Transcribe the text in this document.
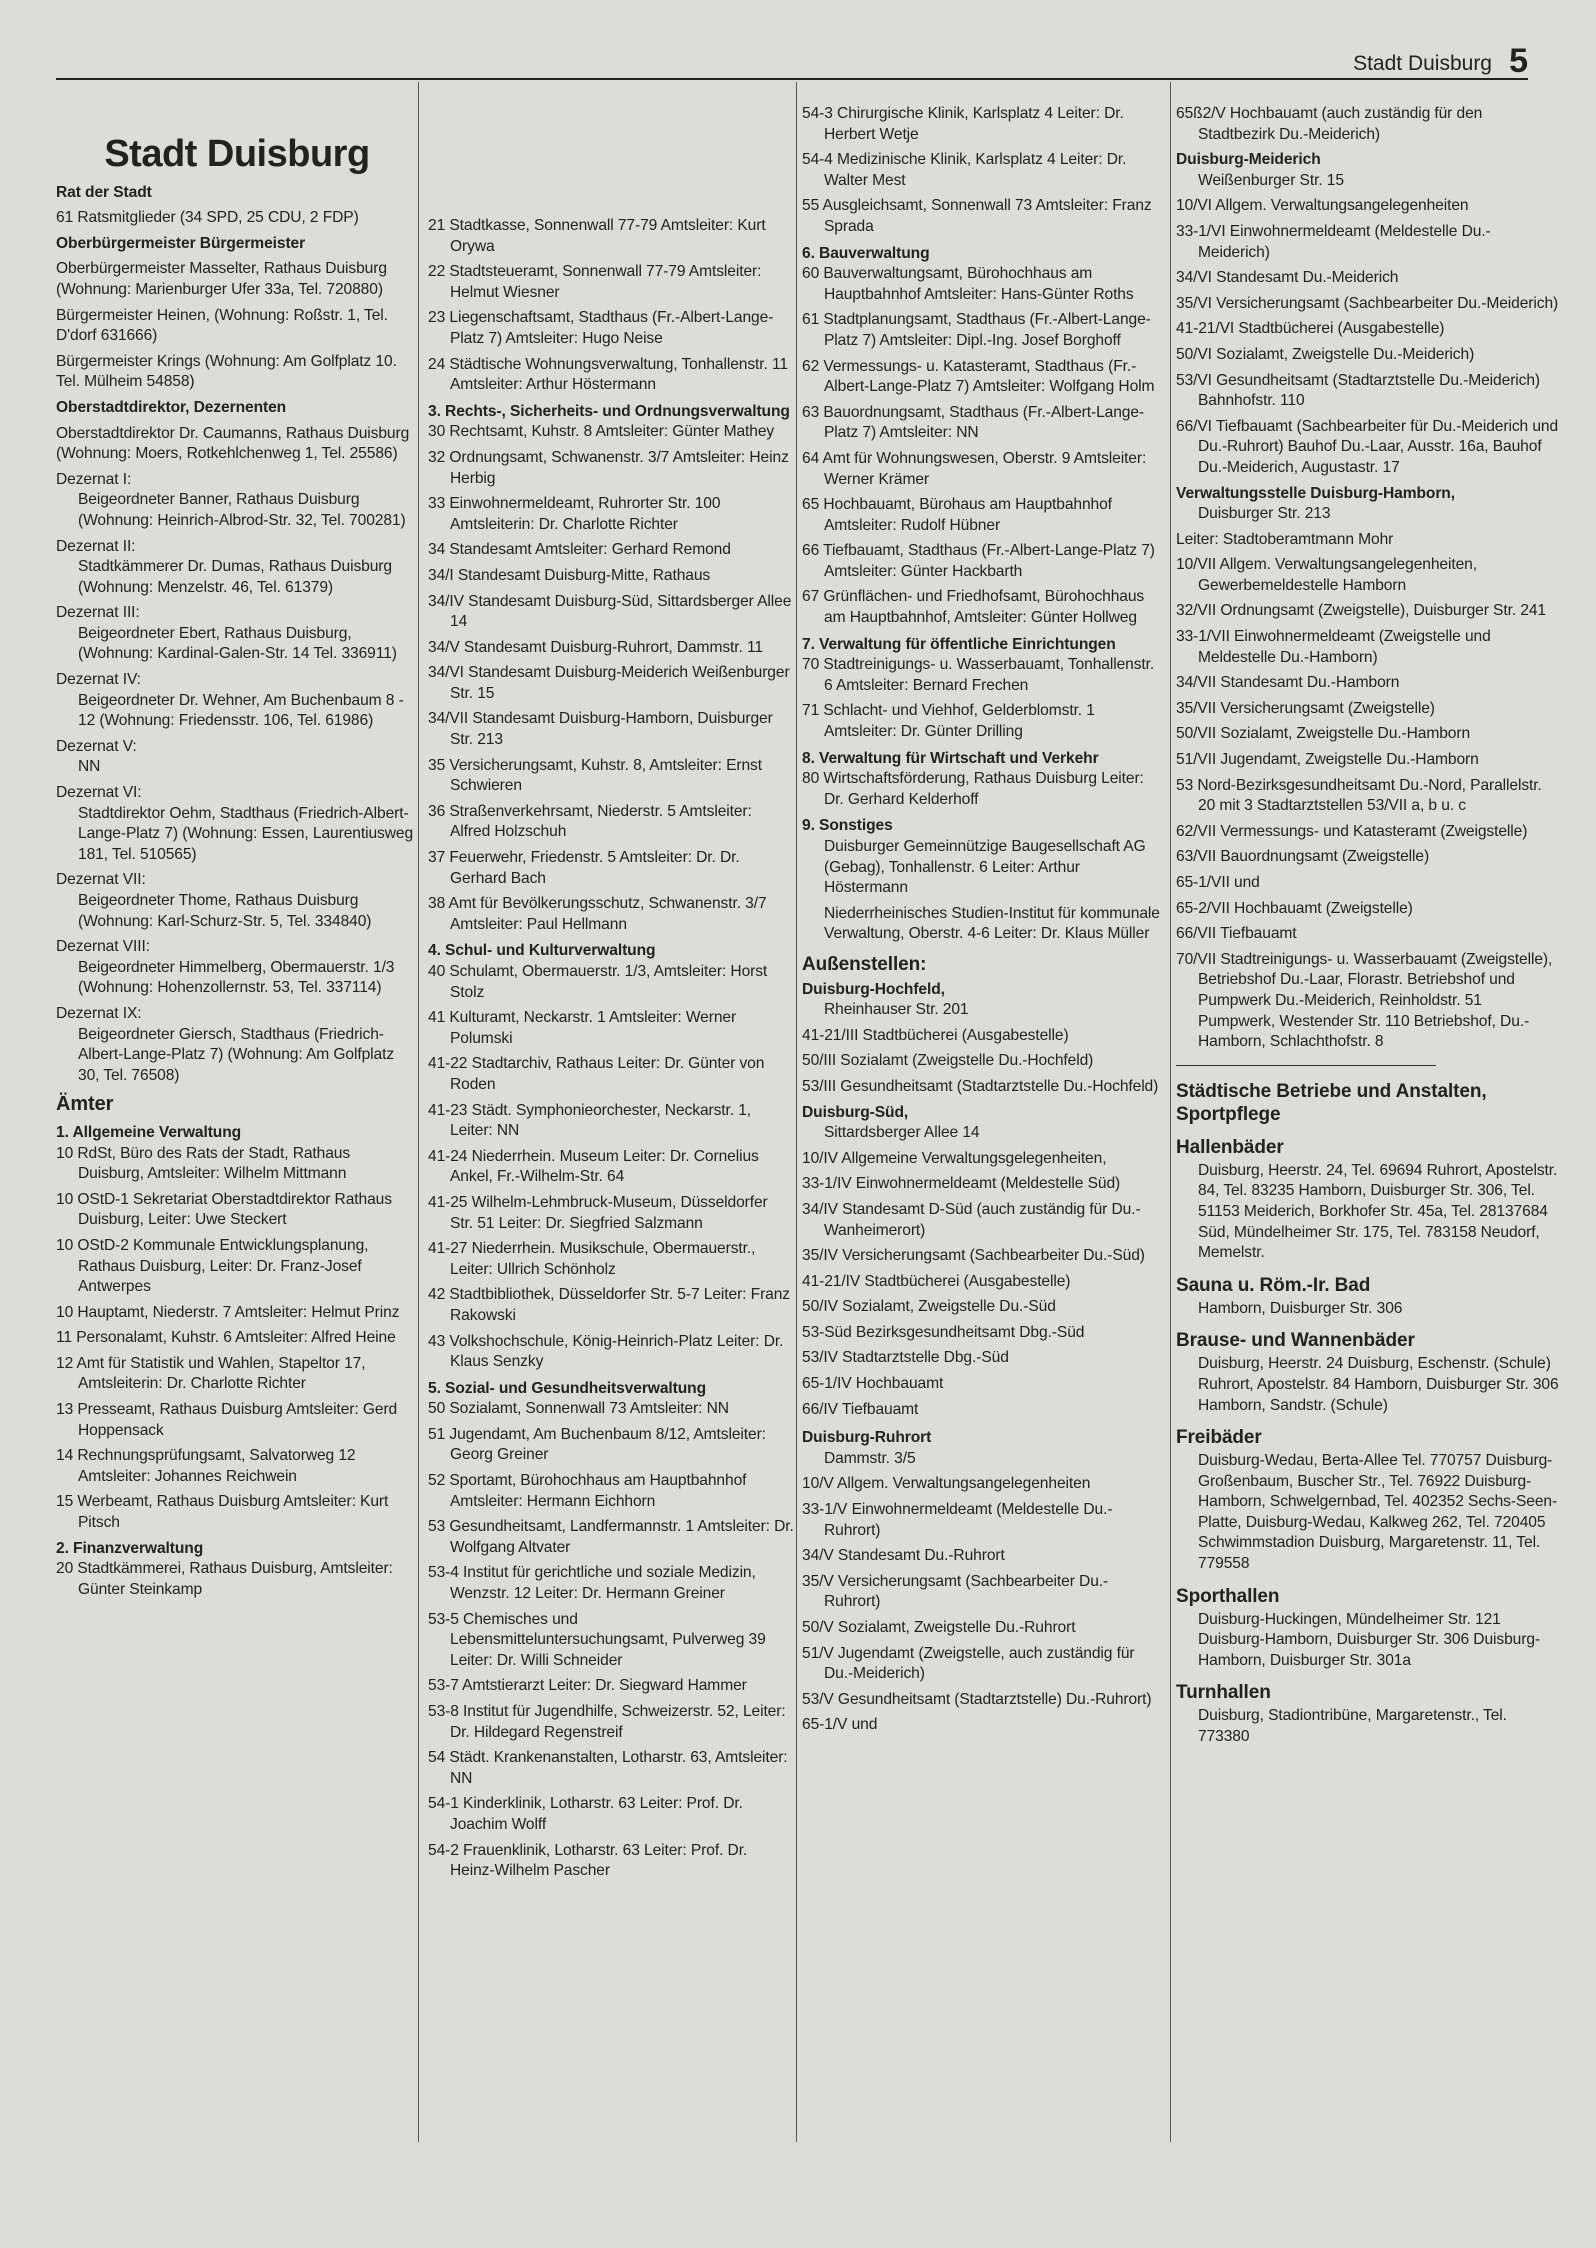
Stadt Duisburg 5
Stadt Duisburg
Rat der Stadt
61 Ratsmitglieder (34 SPD, 25 CDU, 2 FDP)
Oberbürgermeister Bürgermeister
Oberbürgermeister Masselter, Rathaus Duisburg (Wohnung: Marienburger Ufer 33a, Tel. 720880)
Bürgermeister Heinen, (Wohnung: Roßstr. 1, Tel. D'dorf 631666)
Bürgermeister Krings (Wohnung: Am Golfplatz 10. Tel. Mülheim 54858)
Oberstadtdirektor, Dezernenten
Oberstadtdirektor Dr. Caumanns, Rathaus Duisburg (Wohnung: Moers, Rotkehlchenweg 1, Tel. 25586)
Dezernat I:
Beigeordneter Banner, Rathaus Duisburg (Wohnung: Heinrich-Albrod-Str. 32, Tel. 700281)
Dezernat II:
Stadtkämmerer Dr. Dumas, Rathaus Duisburg (Wohnung: Menzelstr. 46, Tel. 61379)
Dezernat III:
Beigeordneter Ebert, Rathaus Duisburg, (Wohnung: Kardinal-Galen-Str. 14 Tel. 336911)
Dezernat IV:
Beigeordneter Dr. Wehner, Am Buchenbaum 8 - 12 (Wohnung: Friedensstr. 106, Tel. 61986)
Dezernat V:
NN
Dezernat VI:
Stadtdirektor Oehm, Stadthaus (Friedrich-Albert-Lange-Platz 7) (Wohnung: Essen, Laurentiusweg 181, Tel. 510565)
Dezernat VII:
Beigeordneter Thome, Rathaus Duisburg (Wohnung: Karl-Schurz-Str. 5, Tel. 334840)
Dezernat VIII:
Beigeordneter Himmelberg, Obermauerstr. 1/3 (Wohnung: Hohenzollernstr. 53, Tel. 337114)
Dezernat IX:
Beigeordneter Giersch, Stadthaus (Friedrich-Albert-Lange-Platz 7) (Wohnung: Am Golfplatz 30, Tel. 76508)
Ämter
1. Allgemeine Verwaltung
10 RdSt, Büro des Rats der Stadt, Rathaus Duisburg, Amtsleiter: Wilhelm Mittmann
10 OStD-1 Sekretariat Oberstadtdirektor Rathaus Duisburg, Leiter: Uwe Steckert
10 OStD-2 Kommunale Entwicklungsplanung, Rathaus Duisburg, Leiter: Dr. Franz-Josef Antwerpes
10 Hauptamt, Niederstr. 7 Amtsleiter: Helmut Prinz
11 Personalamt, Kuhstr. 6 Amtsleiter: Alfred Heine
12 Amt für Statistik und Wahlen, Stapeltor 17, Amtsleiterin: Dr. Charlotte Richter
13 Presseamt, Rathaus Duisburg Amtsleiter: Gerd Hoppensack
14 Rechnungsprüfungsamt, Salvatorweg 12 Amtsleiter: Johannes Reichwein
15 Werbeamt, Rathaus Duisburg Amtsleiter: Kurt Pitsch
2. Finanzverwaltung
20 Stadtkämmerei, Rathaus Duisburg, Amtsleiter: Günter Steinkamp
21 Stadtkasse, Sonnenwall 77-79 Amtsleiter: Kurt Orywa
22 Stadtsteueramt, Sonnenwall 77-79 Amtsleiter: Helmut Wiesner
23 Liegenschaftsamt, Stadthaus (Fr.-Albert-Lange-Platz 7) Amtsleiter: Hugo Neise
24 Städtische Wohnungsverwaltung, Tonhallenstr. 11 Amtsleiter: Arthur Höstermann
3. Rechts-, Sicherheits- und Ordnungsverwaltung
30 Rechtsamt, Kuhstr. 8 Amtsleiter: Günter Mathey
32 Ordnungsamt, Schwanenstr. 3/7 Amtsleiter: Heinz Herbig
33 Einwohnermeldeamt, Ruhrorter Str. 100 Amtsleiterin: Dr. Charlotte Richter
34 Standesamt Amtsleiter: Gerhard Remond
34/I Standesamt Duisburg-Mitte, Rathaus
34/IV Standesamt Duisburg-Süd, Sittardsberger Allee 14
34/V Standesamt Duisburg-Ruhrort, Dammstr. 11
34/VI Standesamt Duisburg-Meiderich Weißenburger Str. 15
34/VII Standesamt Duisburg-Hamborn, Duisburger Str. 213
35 Versicherungsamt, Kuhstr. 8, Amtsleiter: Ernst Schwieren
36 Straßenverkehrsamt, Niederstr. 5 Amtsleiter: Alfred Holzschuh
37 Feuerwehr, Friedenstr. 5 Amtsleiter: Dr. Dr. Gerhard Bach
38 Amt für Bevölkerungsschutz, Schwanenstr. 3/7 Amtsleiter: Paul Hellmann
4. Schul- und Kulturverwaltung
40 Schulamt, Obermauerstr. 1/3, Amtsleiter: Horst Stolz
41 Kulturamt, Neckarstr. 1 Amtsleiter: Werner Polumski
41-22 Stadtarchiv, Rathaus Leiter: Dr. Günter von Roden
41-23 Städt. Symphonieorchester, Neckarstr. 1, Leiter: NN
41-24 Niederrhein. Museum Leiter: Dr. Cornelius Ankel, Fr.-Wilhelm-Str. 64
41-25 Wilhelm-Lehmbruck-Museum, Düsseldorfer Str. 51 Leiter: Dr. Siegfried Salzmann
41-27 Niederrhein. Musikschule, Obermauerstr., Leiter: Ullrich Schönholz
42 Stadtbibliothek, Düsseldorfer Str. 5-7 Leiter: Franz Rakowski
43 Volkshochschule, König-Heinrich-Platz Leiter: Dr. Klaus Senzky
5. Sozial- und Gesundheitsverwaltung
50 Sozialamt, Sonnenwall 73 Amtsleiter: NN
51 Jugendamt, Am Buchenbaum 8/12, Amtsleiter: Georg Greiner
52 Sportamt, Bürohochhaus am Hauptbahnhof Amtsleiter: Hermann Eichhorn
53 Gesundheitsamt, Landfermannstr. 1 Amtsleiter: Dr. Wolfgang Altvater
53-4 Institut für gerichtliche und soziale Medizin, Wenzstr. 12 Leiter: Dr. Hermann Greiner
53-5 Chemisches und Lebensmitteluntersuchungsamt, Pulverweg 39 Leiter: Dr. Willi Schneider
53-7 Amtstierarzt Leiter: Dr. Siegward Hammer
53-8 Institut für Jugendhilfe, Schweizerstr. 52, Leiter: Dr. Hildegard Regenstreif
54 Städt. Krankenanstalten, Lotharstr. 63, Amtsleiter: NN
54-1 Kinderklinik, Lotharstr. 63 Leiter: Prof. Dr. Joachim Wolff
54-2 Frauenklinik, Lotharstr. 63 Leiter: Prof. Dr. Heinz-Wilhelm Pascher
54-3 Chirurgische Klinik, Karlsplatz 4 Leiter: Dr. Herbert Wetje
54-4 Medizinische Klinik, Karlsplatz 4 Leiter: Dr. Walter Mest
55 Ausgleichsamt, Sonnenwall 73 Amtsleiter: Franz Sprada
6. Bauverwaltung
60 Bauverwaltungsamt, Bürohochhaus am Hauptbahnhof Amtsleiter: Hans-Günter Roths
61 Stadtplanungsamt, Stadthaus (Fr.-Albert-Lange-Platz 7) Amtsleiter: Dipl.-Ing. Josef Borghoff
62 Vermessungs- u. Katasteramt, Stadthaus (Fr.-Albert-Lange-Platz 7) Amtsleiter: Wolfgang Holm
63 Bauordnungsamt, Stadthaus (Fr.-Albert-Lange-Platz 7) Amtsleiter: NN
64 Amt für Wohnungswesen, Oberstr. 9 Amtsleiter: Werner Krämer
65 Hochbauamt, Bürohaus am Hauptbahnhof Amtsleiter: Rudolf Hübner
66 Tiefbauamt, Stadthaus (Fr.-Albert-Lange-Platz 7) Amtsleiter: Günter Hackbarth
67 Grünflächen- und Friedhofsamt, Bürohochhaus am Hauptbahnhof, Amtsleiter: Günter Hollweg
7. Verwaltung für öffentliche Einrichtungen
70 Stadtreinigungs- u. Wasserbauamt, Tonhallenstr. 6 Amtsleiter: Bernard Frechen
71 Schlacht- und Viehhof, Gelderblomstr. 1 Amtsleiter: Dr. Günter Drilling
8. Verwaltung für Wirtschaft und Verkehr
80 Wirtschaftsförderung, Rathaus Duisburg Leiter: Dr. Gerhard Kelderhoff
9. Sonstiges
Duisburger Gemeinnützige Baugesellschaft AG (Gebag), Tonhallenstr. 6 Leiter: Arthur Höstermann
Niederrheinisches Studien-Institut für kommunale Verwaltung, Oberstr. 4-6 Leiter: Dr. Klaus Müller
Außenstellen:
Duisburg-Hochfeld,
Rheinhauser Str. 201
41-21/III Stadtbücherei (Ausgabestelle)
50/III Sozialamt (Zweigstelle Du.-Hochfeld)
53/III Gesundheitsamt (Stadtarztstelle Du.-Hochfeld)
Duisburg-Süd,
Sittardsberger Allee 14
10/IV Allgemeine Verwaltungsgelegenheiten,
33-1/IV Einwohnermeldeamt (Meldestelle Süd)
34/IV Standesamt D-Süd (auch zuständig für Du.-Wanheimerort)
35/IV Versicherungsamt (Sachbearbeiter Du.-Süd)
41-21/IV Stadtbücherei (Ausgabestelle)
50/IV Sozialamt, Zweigstelle Du.-Süd
53-Süd Bezirksgesundheitsamt Dbg.-Süd
53/IV Stadtarztstelle Dbg.-Süd
65-1/IV Hochbauamt
66/IV Tiefbauamt
Duisburg-Ruhrort
Dammstr. 3/5
10/V Allgem. Verwaltungsangelegenheiten
33-1/V Einwohnermeldeamt (Meldestelle Du.-Ruhrort)
34/V Standesamt Du.-Ruhrort
35/V Versicherungsamt (Sachbearbeiter Du.-Ruhrort)
50/V Sozialamt, Zweigstelle Du.-Ruhrort
51/V Jugendamt (Zweigstelle, auch zuständig für Du.-Meiderich)
53/V Gesundheitsamt (Stadtarztstelle) Du.-Ruhrort)
65-1/V und
65ß2/V Hochbauamt (auch zuständig für den Stadtbezirk Du.-Meiderich)
Duisburg-Meiderich
Weißenburger Str. 15
10/VI Allgem. Verwaltungsangelegenheiten
33-1/VI Einwohnermeldeamt (Meldestelle Du.-Meiderich)
34/VI Standesamt Du.-Meiderich
35/VI Versicherungsamt (Sachbearbeiter Du.-Meiderich)
41-21/VI Stadtbücherei (Ausgabestelle)
50/VI Sozialamt, Zweigstelle Du.-Meiderich)
53/VI Gesundheitsamt (Stadtarztstelle Du.-Meiderich) Bahnhofstr. 110
66/VI Tiefbauamt (Sachbearbeiter für Du.-Meiderich und Du.-Ruhrort) Bauhof Du.-Laar, Ausstr. 16a, Bauhof Du.-Meiderich, Augustastr. 17
Verwaltungsstelle Duisburg-Hamborn,
Duisburger Str. 213
Leiter: Stadtoberamtmann Mohr
10/VII Allgem. Verwaltungsangelegenheiten, Gewerbemeldestelle Hamborn
32/VII Ordnungsamt (Zweigstelle), Duisburger Str. 241
33-1/VII Einwohnermeldeamt (Zweigstelle und Meldestelle Du.-Hamborn)
34/VII Standesamt Du.-Hamborn
35/VII Versicherungsamt (Zweigstelle)
50/VII Sozialamt, Zweigstelle Du.-Hamborn
51/VII Jugendamt, Zweigstelle Du.-Hamborn
53 Nord-Bezirksgesundheitsamt Du.-Nord, Parallelstr. 20 mit 3 Stadtarztstellen 53/VII a, b u. c
62/VII Vermessungs- und Katasteramt (Zweigstelle)
63/VII Bauordnungsamt (Zweigstelle)
65-1/VII und
65-2/VII Hochbauamt (Zweigstelle)
66/VII Tiefbauamt
70/VII Stadtreinigungs- u. Wasserbauamt (Zweigstelle), Betriebshof Du.-Laar, Florastr. Betriebshof und Pumpwerk Du.-Meiderich, Reinholdstr. 51 Pumpwerk, Westender Str. 110 Betriebshof, Du.-Hamborn, Schlachthofstr. 8
Städtische Betriebe und Anstalten, Sportpflege
Hallenbäder
Duisburg, Heerstr. 24, Tel. 69694 Ruhrort, Apostelstr. 84, Tel. 83235 Hamborn, Duisburger Str. 306, Tel. 51153 Meiderich, Borkhofer Str. 45a, Tel. 28137684 Süd, Mündelheimer Str. 175, Tel. 783158 Neudorf, Memelstr.
Sauna u. Röm.-Ir. Bad
Hamborn, Duisburger Str. 306
Brause- und Wannenbäder
Duisburg, Heerstr. 24 Duisburg, Eschenstr. (Schule) Ruhrort, Apostelstr. 84 Hamborn, Duisburger Str. 306 Hamborn, Sandstr. (Schule)
Freibäder
Duisburg-Wedau, Berta-Allee Tel. 770757 Duisburg-Großenbaum, Buscher Str., Tel. 76922 Duisburg-Hamborn, Schwelgernbad, Tel. 402352 Sechs-Seen-Platte, Duisburg-Wedau, Kalkweg 262, Tel. 720405 Schwimmstadion Duisburg, Margaretenstr. 11, Tel. 779558
Sporthallen
Duisburg-Huckingen, Mündelheimer Str. 121 Duisburg-Hamborn, Duisburger Str. 306 Duisburg-Hamborn, Duisburger Str. 301a
Turnhallen
Duisburg, Stadiontribüne, Margaretenstr., Tel. 773380
